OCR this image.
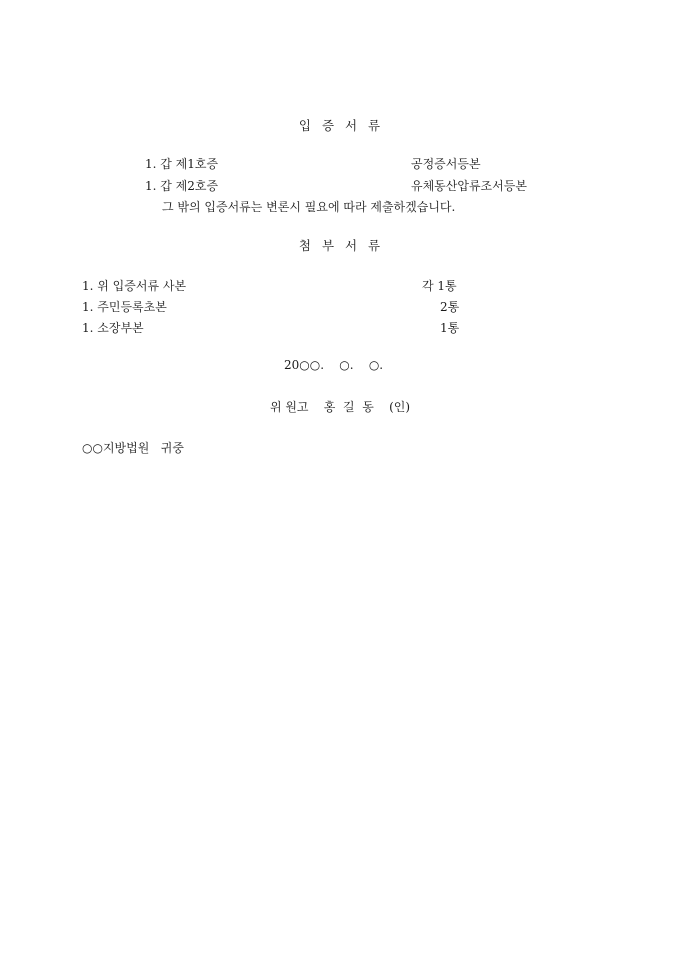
입  증  서  류
1. 갑 제1호증	공정증서등본
1. 갑 제2호증	유체동산압류조서등본
그 밖의 입증서류는 변론시 필요에 따라 제출하겠습니다.
첨  부  서  류
1. 위 입증서류 사본	각 1통
1. 주민등록초본	2통
1. 소장부본	1통
20○○.    ○.    ○.
위 원고    홍  길  동    (인)
○○지방법원   귀중
